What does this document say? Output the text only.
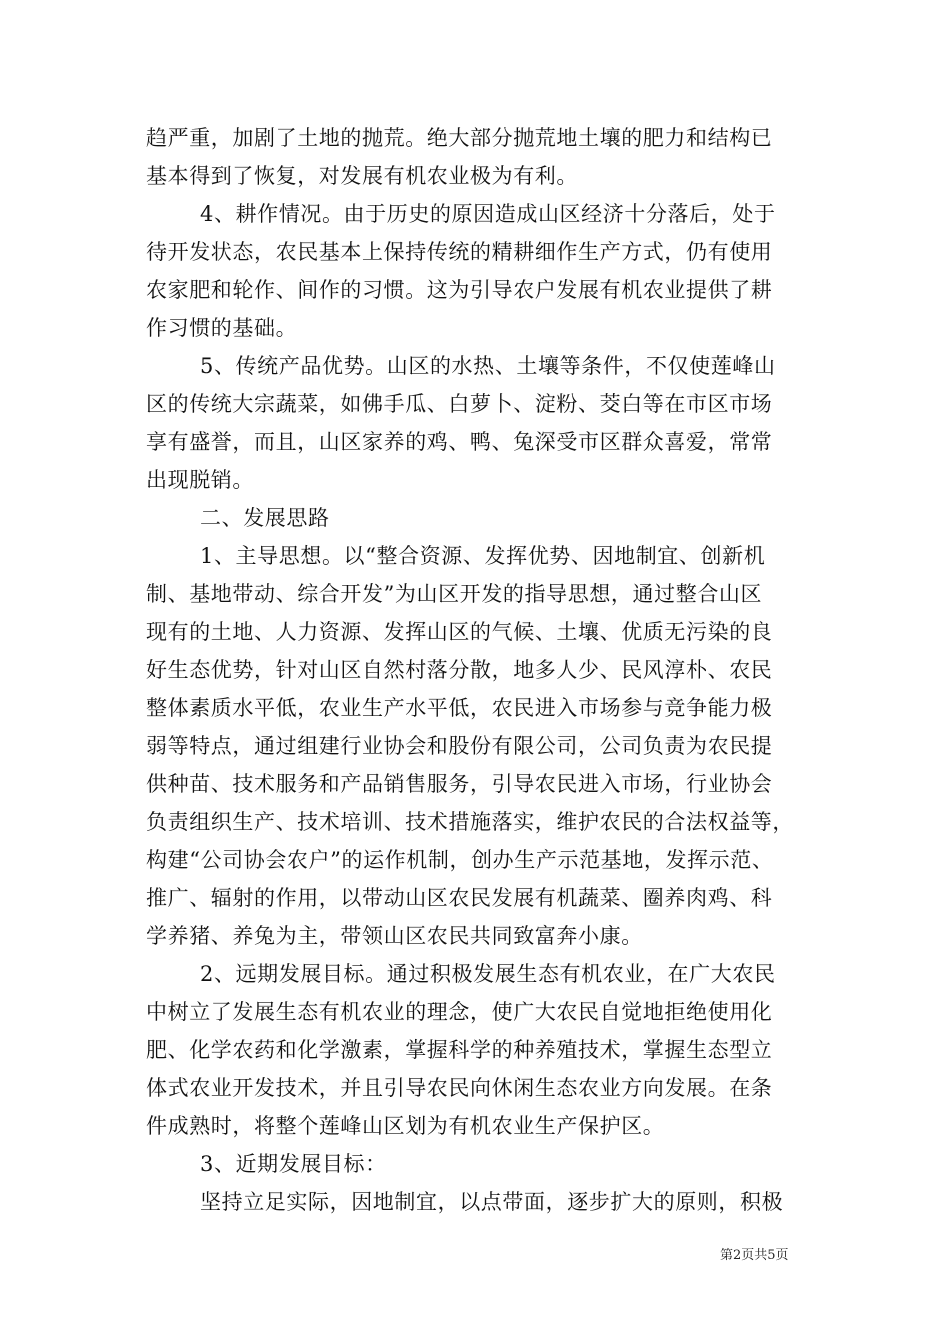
趋严重，加剧了土地的抛荒。绝大部分抛荒地土壤的肥力和结构已
基本得到了恢复，对发展有机农业极为有利。
4、耕作情况。由于历史的原因造成山区经济十分落后，处于
待开发状态，农民基本上保持传统的精耕细作生产方式，仍有使用
农家肥和轮作、间作的习惯。这为引导农户发展有机农业提供了耕
作习惯的基础。
5、传统产品优势。山区的水热、土壤等条件，不仅使莲峰山
区的传统大宗蔬菜，如佛手瓜、白萝卜、淀粉、茭白等在市区市场
享有盛誉，而且，山区家养的鸡、鸭、兔深受市区群众喜爱，常常
出现脱销。
二、发展思路
1、主导思想。以“整合资源、发挥优势、因地制宜、创新机
制、基地带动、综合开发”为山区开发的指导思想，通过整合山区
现有的土地、人力资源、发挥山区的气候、土壤、优质无污染的良
好生态优势，针对山区自然村落分散，地多人少、民风淳朴、农民
整体素质水平低，农业生产水平低，农民进入市场参与竞争能力极
弱等特点，通过组建行业协会和股份有限公司，公司负责为农民提
供种苗、技术服务和产品销售服务，引导农民进入市场，行业协会
负责组织生产、技术培训、技术措施落实，维护农民的合法权益等，
构建“公司协会农户”的运作机制，创办生产示范基地，发挥示范、
推广、辐射的作用，以带动山区农民发展有机蔬菜、圈养肉鸡、科
学养猪、养兔为主，带领山区农民共同致富奔小康。
2、远期发展目标。通过积极发展生态有机农业，在广大农民
中树立了发展生态有机农业的理念，使广大农民自觉地拒绝使用化
肥、化学农药和化学激素，掌握科学的种养殖技术，掌握生态型立
体式农业开发技术，并且引导农民向休闲生态农业方向发展。在条
件成熟时，将整个莲峰山区划为有机农业生产保护区。
3、近期发展目标：
坚持立足实际，因地制宜，以点带面，逐步扩大的原则，积极
第2页共5页
